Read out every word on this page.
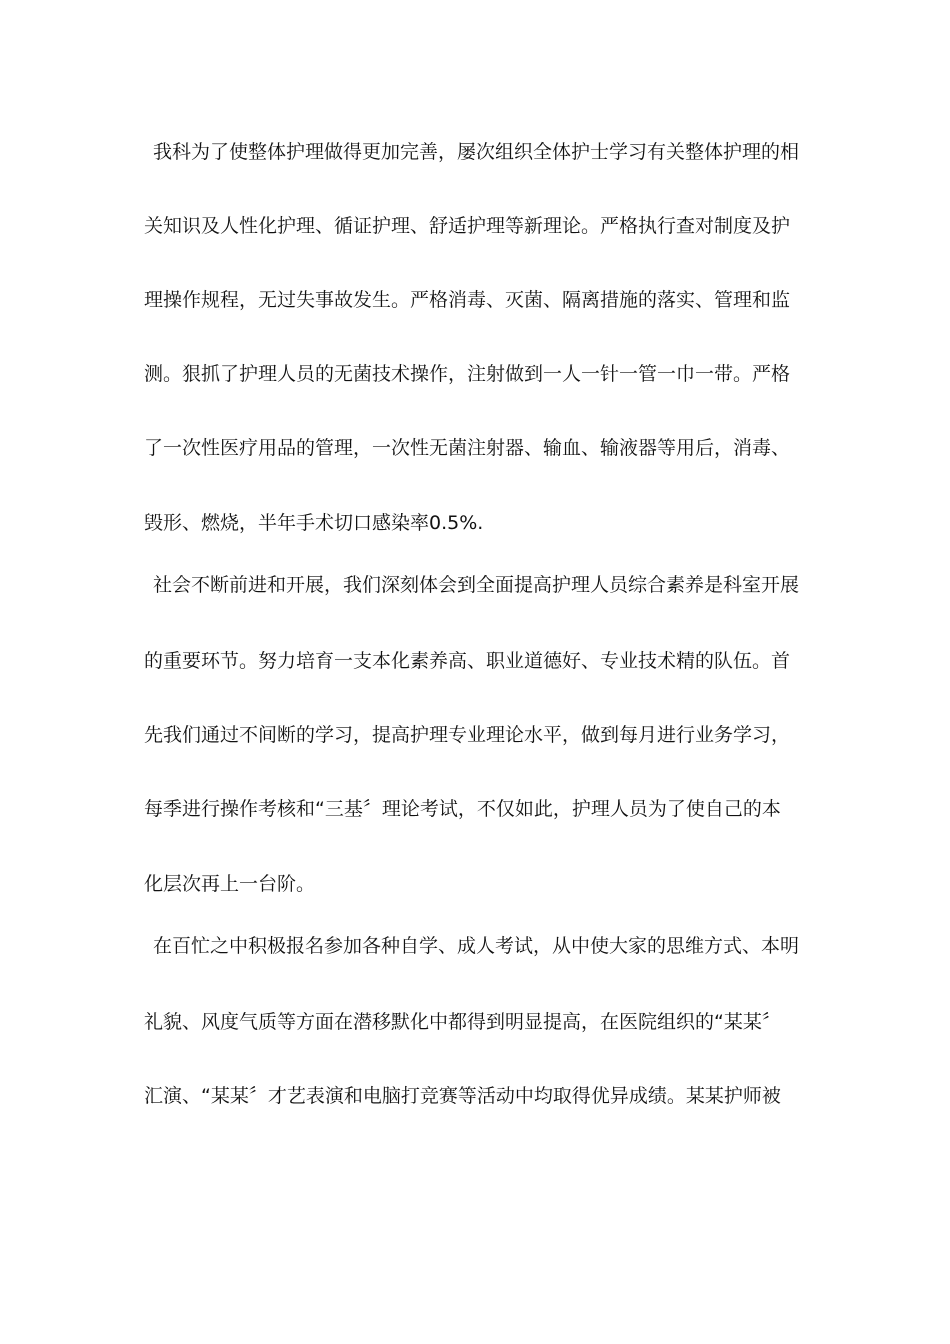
我科为了使整体护理做得更加完善，屡次组织全体护士学习有关整体护理的相
关知识及人性化护理、循证护理、舒适护理等新理论。严格执行查对制度及护
理操作规程，无过失事故发生。严格消毒、灭菌、隔离措施的落实、管理和监
测。狠抓了护理人员的无菌技术操作，注射做到一人一针一管一巾一带。严格
了一次性医疗用品的管理，一次性无菌注射器、输血、输液器等用后，消毒、
毁形、燃烧，半年手术切口感染率0.5%.
社会不断前进和开展，我们深刻体会到全面提高护理人员综合素养是科室开展
的重要环节。努力培育一支本化素养高、职业道德好、专业技术精的队伍。首
先我们通过不间断的学习，提高护理专业理论水平，做到每月进行业务学习，
每季进行操作考核和“三基〞理论考试，不仅如此，护理人员为了使自己的本
化层次再上一台阶。
在百忙之中积极报名参加各种自学、成人考试，从中使大家的思维方式、本明
礼貌、风度气质等方面在潜移默化中都得到明显提高，在医院组织的“某某〞
汇演、“某某〞才艺表演和电脑打竞赛等活动中均取得优异成绩。某某护师被
